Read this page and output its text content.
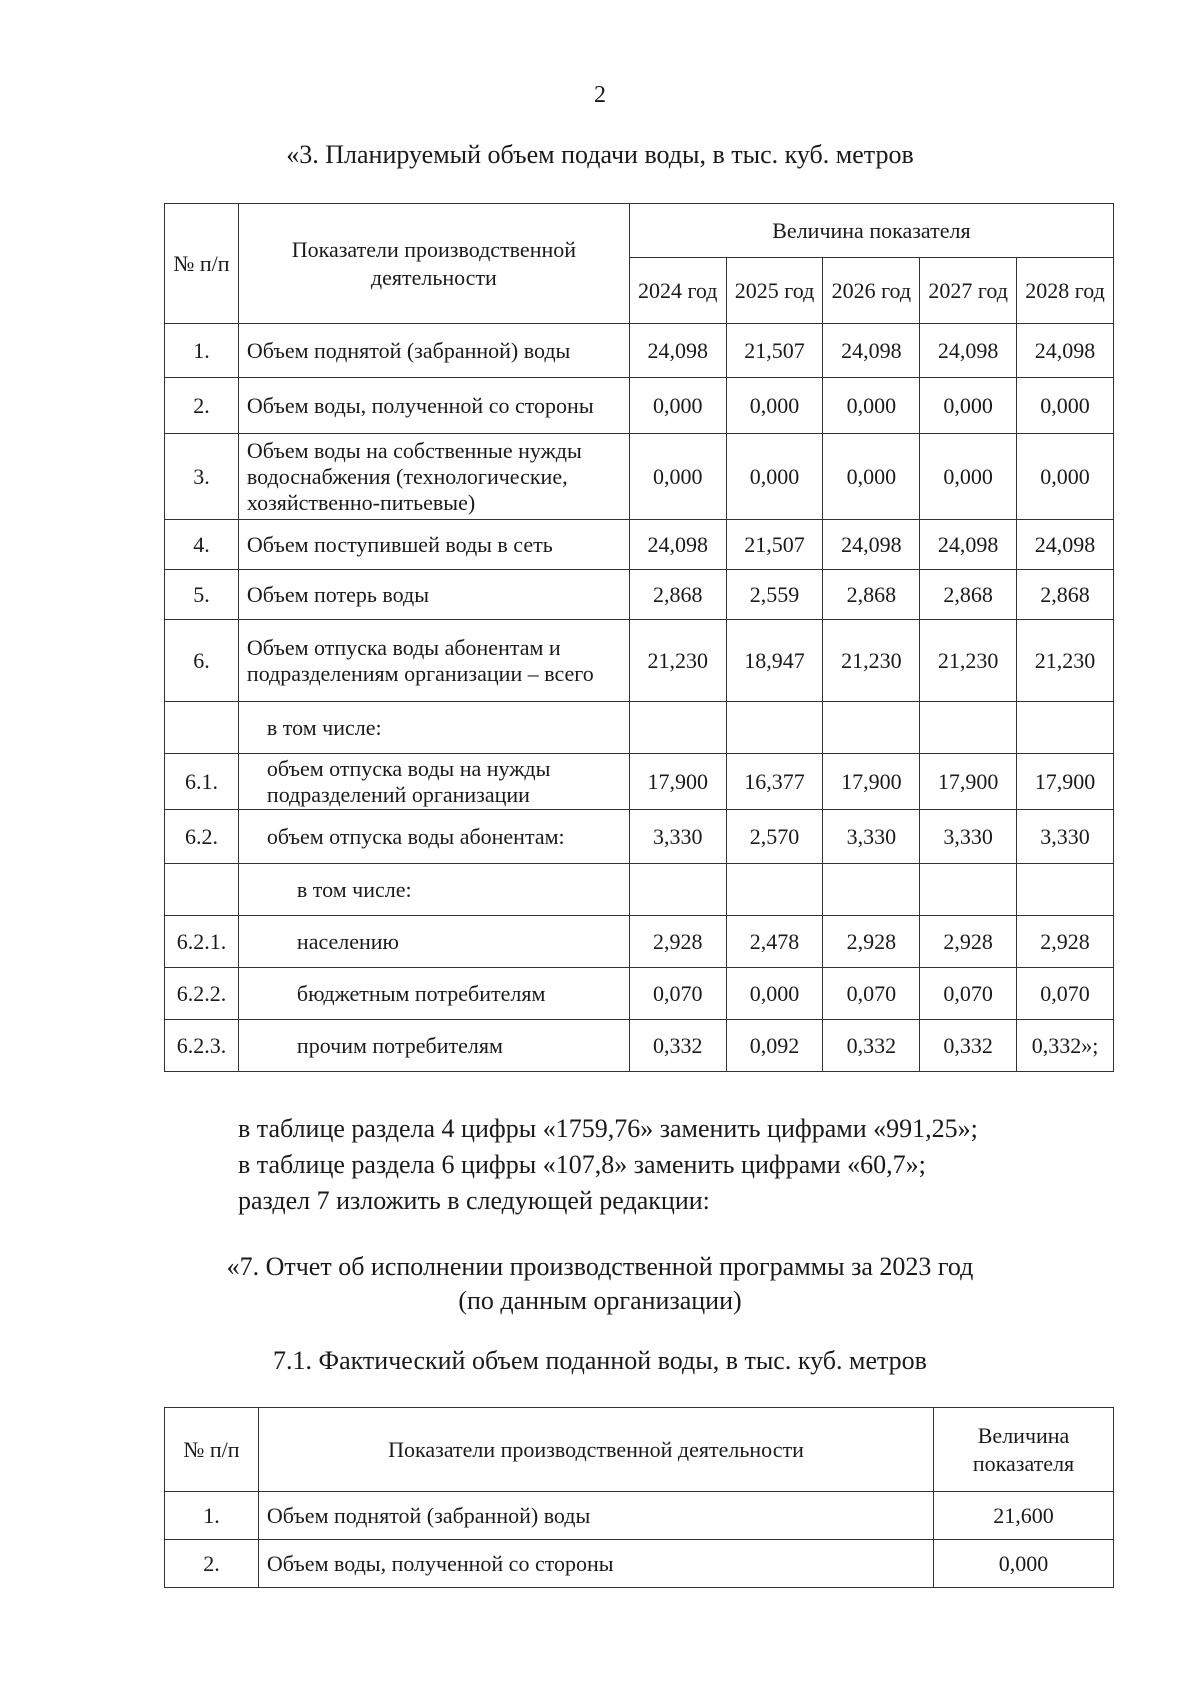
2
«3. Планируемый объем подачи воды, в тыс. куб. метров
№ п/п	Показатели производственной деятельности	Величина показателя				
		2024 год	2025 год	2026 год	2027 год	2028 год
1.	Объем поднятой (забранной) воды	24,098	21,507	24,098	24,098	24,098
2.	Объем воды, полученной со стороны	0,000	0,000	0,000	0,000	0,000
3.	Объем воды на собственные нужды водоснабжения (технологические, хозяйственно-питьевые)	0,000	0,000	0,000	0,000	0,000
4.	Объем поступившей воды в сеть	24,098	21,507	24,098	24,098	24,098
5.	Объем потерь воды	2,868	2,559	2,868	2,868	2,868
6.	Объем отпуска воды абонентам и подразделениям организации – всего	21,230	18,947	21,230	21,230	21,230
	в том числе:					
6.1.	объем отпуска воды на нужды подразделений организации	17,900	16,377	17,900	17,900	17,900
6.2.	объем отпуска воды абонентам:	3,330	2,570	3,330	3,330	3,330
	в том числе:					
6.2.1.	населению	2,928	2,478	2,928	2,928	2,928
6.2.2.	бюджетным потребителям	0,070	0,000	0,070	0,070	0,070
6.2.3.	прочим потребителям	0,332	0,092	0,332	0,332	0,332»;
в таблице раздела 4 цифры «1759,76» заменить цифрами «991,25»;
в таблице раздела 6 цифры «107,8» заменить цифрами «60,7»;
раздел 7 изложить в следующей редакции:
«7. Отчет об исполнении производственной программы за 2023 год
(по данным организации)
7.1. Фактический объем поданной воды, в тыс. куб. метров
№ п/п	Показатели производственной деятельности	Величина показателя
1.	Объем поднятой (забранной) воды	21,600
2.	Объем воды, полученной со стороны	0,000
